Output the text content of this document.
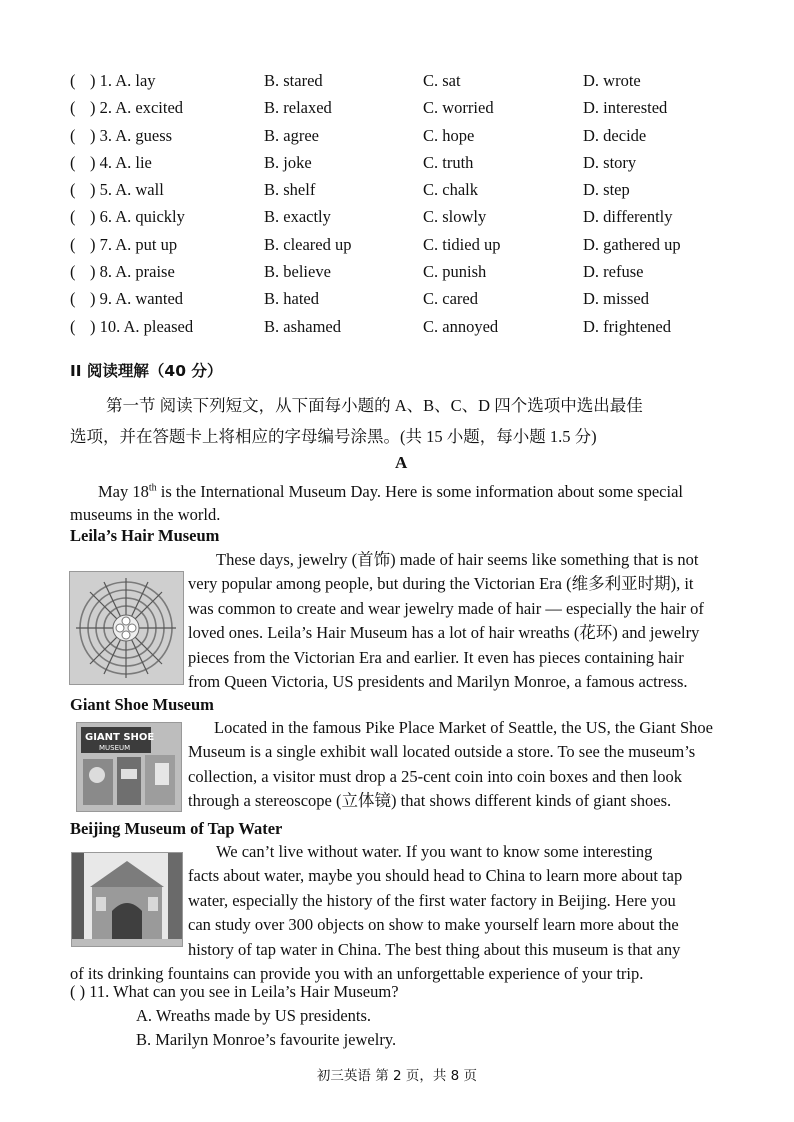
( ) 1. A. lay	B. stared	C. sat	D. wrote
( ) 2. A. excited	B. relaxed	C. worried	D. interested
( ) 3. A. guess	B. agree	C. hope	D. decide
( ) 4. A. lie	B. joke	C. truth	D. story
( ) 5. A. wall	B. shelf	C. chalk	D. step
( ) 6. A. quickly	B. exactly	C. slowly	D. differently
( ) 7. A. put up	B. cleared up	C. tidied up	D. gathered up
( ) 8. A. praise	B. believe	C. punish	D. refuse
( ) 9. A. wanted	B. hated	C. cared	D. missed
( ) 10. A. pleased	B. ashamed	C. annoyed	D. frightened
II 阅读理解（40 分）
第一节 阅读下列短文，从下面每小题的 A、B、C、D 四个选项中选出最佳
选项，并在答题卡上将相应的字母编号涂黑。(共 15 小题，每小题 1.5 分)
A
May 18th is the International Museum Day. Here is some information about some special
museums in the world.
Leila’s Hair Museum
These days, jewelry (首饰) made of hair seems like something that is not
very popular among people, but during the Victorian Era (维多利亚时期), it
was common to create and wear jewelry made of hair — especially the hair of
loved ones. Leila’s Hair Museum has a lot of hair wreaths (花环) and jewelry
pieces from the Victorian Era and earlier. It even has pieces containing hair
from Queen Victoria, US presidents and Marilyn Monroe, a famous actress.
Giant Shoe Museum
GIANT SHOE
MUSEUM
Located in the famous Pike Place Market of Seattle, the US, the Giant Shoe
Museum is a single exhibit wall located outside a store. To see the museum’s
collection, a visitor must drop a 25-cent coin into coin boxes and then look
through a stereoscope (立体镜) that shows different kinds of giant shoes.
Beijing Museum of Tap Water
We can’t live without water. If you want to know some interesting
facts about water, maybe you should head to China to learn more about tap
water, especially the history of the first water factory in Beijing. Here you
can study over 300 objects on show to make yourself learn more about the
history of tap water in China. The best thing about this museum is that any
of its drinking fountains can provide you with an unforgettable experience of your trip.
( ) 11. What can you see in Leila’s Hair Museum?
A. Wreaths made by US presidents.
B. Marilyn Monroe’s favourite jewelry.
初三英语 第 2 页，共 8 页
